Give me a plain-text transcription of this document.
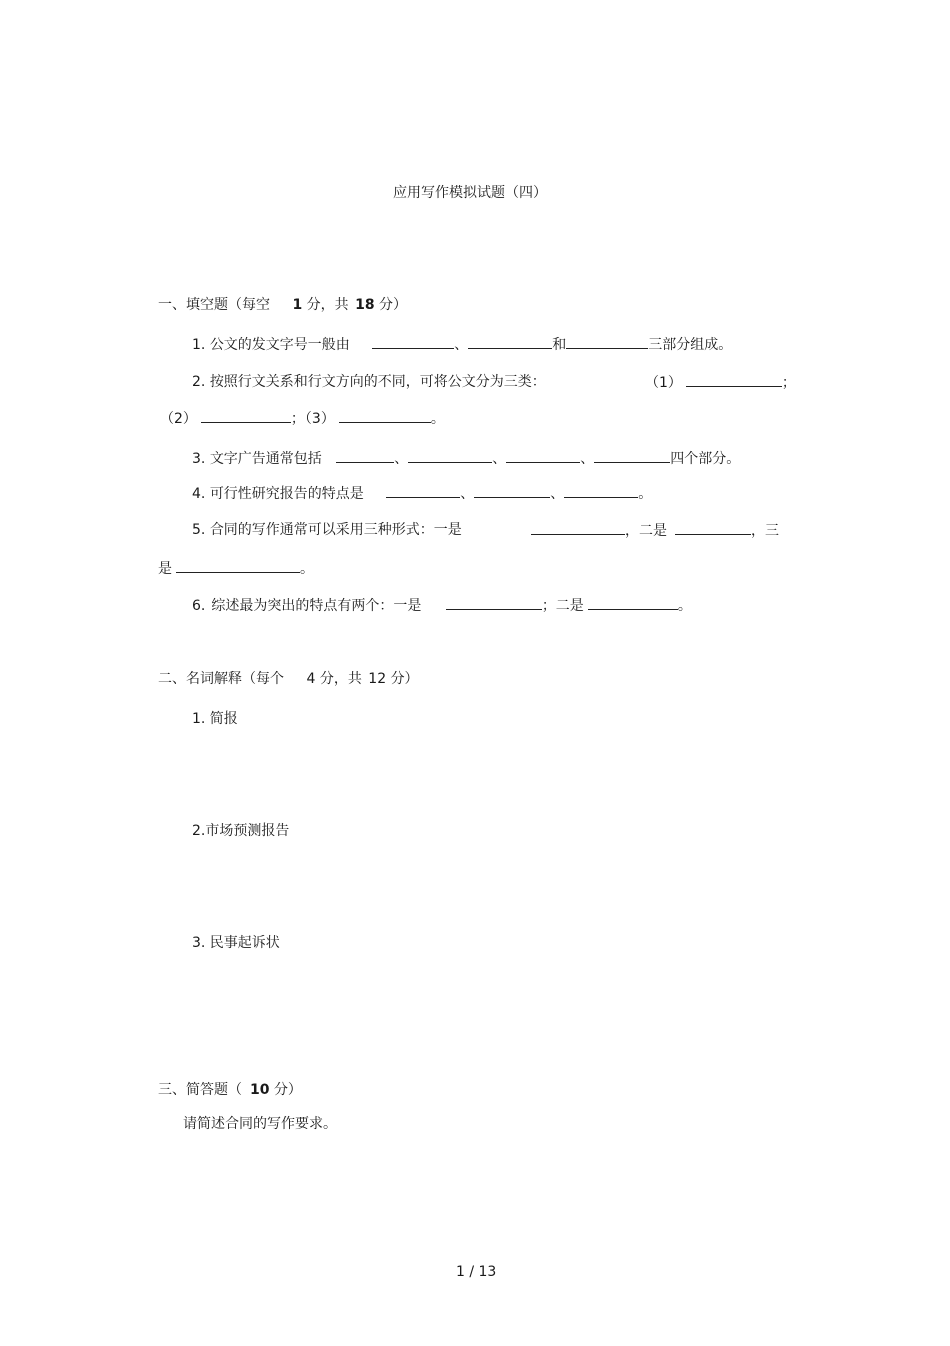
应用写作模拟试题（四）
一、填空题（每空 1 分，共 18 分）
1. 公文的发文字号一般由	、	和	三部分组成。
2. 按照行文关系和行文方向的不同，可将公文分为三类：	（1）	；
（2）	；（3）	。
3. 文字广告通常包括	、	、	、	四个部分。
4. 可行性研究报告的特点是	、	、	。
5. 合同的写作通常可以采用三种形式：一是	，二是	，三
是	。
6. 综述最为突出的特点有两个：一是	；二是	。
二、名词解释（每个 4 分，共 12 分）
1. 简报
2.市场预测报告
3. 民事起诉状
三、简答题（ 10 分）
请简述合同的写作要求。
1 / 13
